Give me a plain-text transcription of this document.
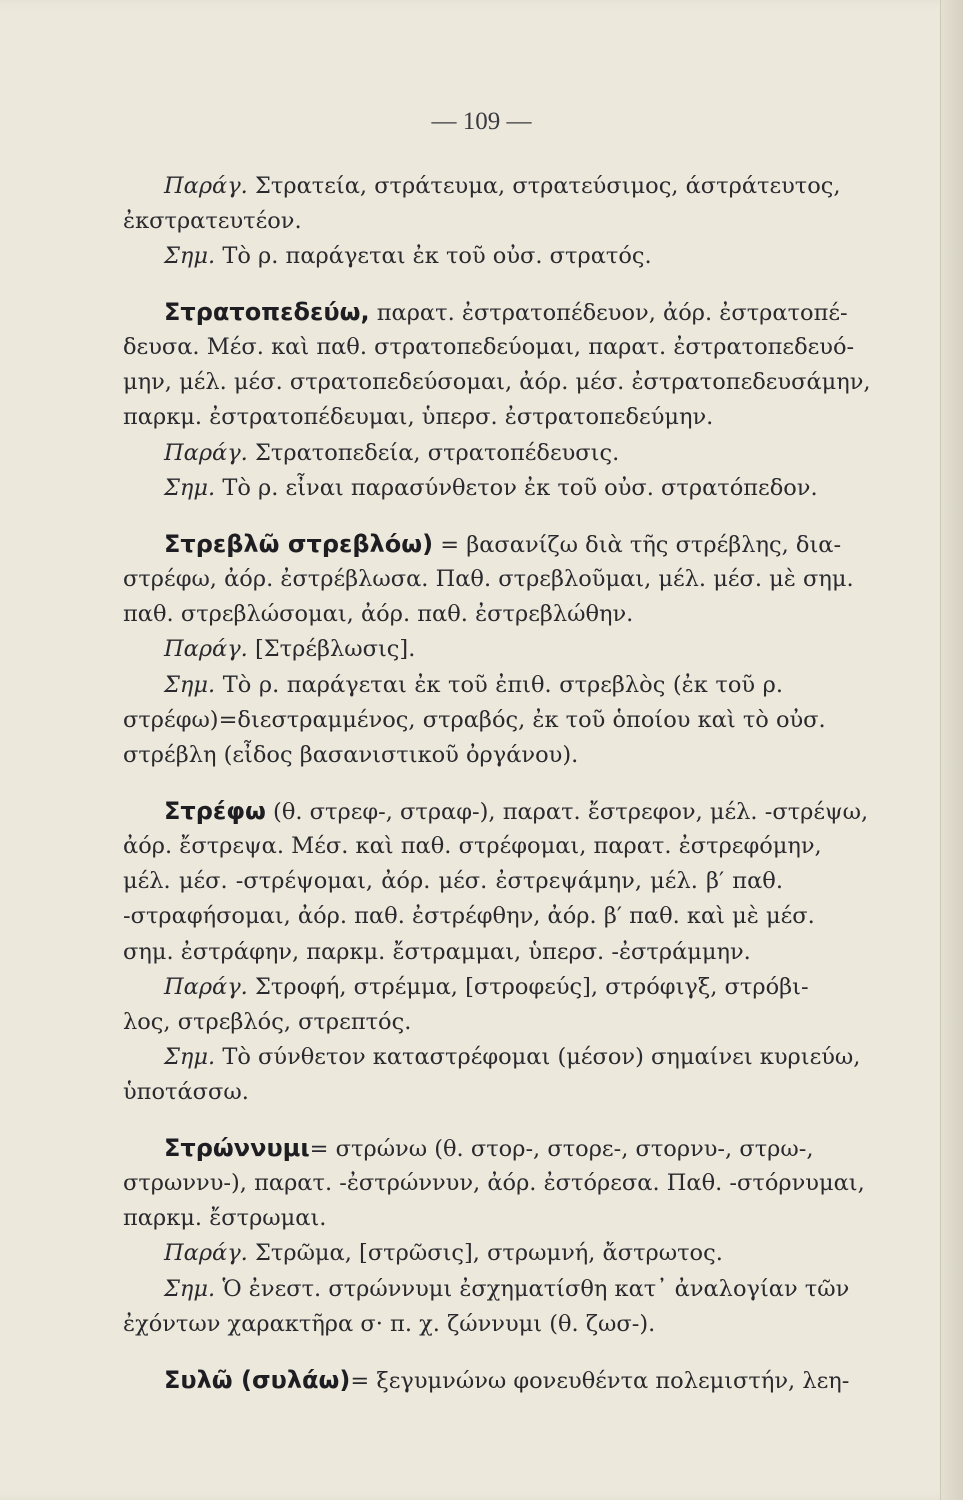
— 109 —
Παράγ. Στρατεία, στράτευμα, στρατεύσιμος, άστράτευτος,
ἐκστρατευτέον.
Σημ. Τὸ ρ. παράγεται ἐκ τοῦ οὐσ. στρατός.
Στρατοπεδεύω, παρατ. ἐστρατοπέδευον, ἀόρ. ἐστρατοπέ-
δευσα. Μέσ. καὶ παθ. στρατοπεδεύομαι, παρατ. ἐστρατοπεδευό-
μην, μέλ. μέσ. στρατοπεδεύσομαι, ἀόρ. μέσ. ἐστρατοπεδευσάμην,
παρκμ. ἐστρατοπέδευμαι, ὑπερσ. ἐστρατοπεδεύμην.
Παράγ. Στρατοπεδεία, στρατοπέδευσις.
Σημ. Τὸ ρ. εἶναι παρασύνθετον ἐκ τοῦ οὐσ. στρατόπεδον.
Στρεβλῶ στρεβλόω) = βασανίζω διὰ τῆς στρέβλης, δια-
στρέφω, ἀόρ. ἐστρέβλωσα. Παθ. στρεβλοῦμαι, μέλ. μέσ. μὲ σημ.
παθ. στρεβλώσομαι, ἀόρ. παθ. ἐστρεβλώθην.
Παράγ. [Στρέβλωσις].
Σημ. Τὸ ρ. παράγεται ἐκ τοῦ ἐπιθ. στρεβλὸς (ἐκ τοῦ ρ.
στρέφω)=διεστραμμένος, στραβός, ἐκ τοῦ ὁποίου καὶ τὸ οὐσ.
στρέβλη (εἶδος βασανιστικοῦ ὀργάνου).
Στρέφω (θ. στρεφ-, στραφ-), παρατ. ἔστρεφον, μέλ. -στρέψω,
ἀόρ. ἔστρεψα. Μέσ. καὶ παθ. στρέφομαι, παρατ. ἐστρεφόμην,
μέλ. μέσ. -στρέψομαι, ἀόρ. μέσ. ἐστρεψάμην, μέλ. β′ παθ.
-στραφήσομαι, ἀόρ. παθ. ἐστρέφθην, ἀόρ. β′ παθ. καὶ μὲ μέσ.
σημ. ἐστράφην, παρκμ. ἔστραμμαι, ὑπερσ. -ἐστράμμην.
Παράγ. Στροφή, στρέμμα, [στροφεύς], στρόφιγξ, στρόβι-
λος, στρεβλός, στρεπτός.
Σημ. Τὸ σύνθετον καταστρέφομαι (μέσον) σημαίνει κυριεύω,
ὑποτάσσω.
Στρώννυμι= στρώνω (θ. στορ-, στορε-, στορνυ-, στρω-,
στρωννυ-), παρατ. -ἐστρώννυν, ἀόρ. ἐστόρεσα. Παθ. -στόρνυμαι,
παρκμ. ἔστρωμαι.
Παράγ. Στρῶμα, [στρῶσις], στρωμνή, ἄστρωτος.
Σημ. Ὁ ἐνεστ. στρώννυμι ἐσχηματίσθη κατ᾽ ἀναλογίαν τῶν
ἐχόντων χαρακτῆρα σ· π. χ. ζώννυμι (θ. ζωσ-).
Συλῶ (συλάω)= ξεγυμνώνω φονευθέντα πολεμιστήν, λεη-
